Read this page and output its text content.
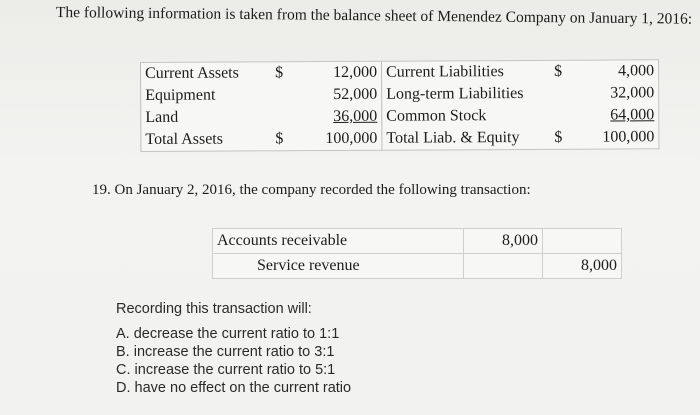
The following information is taken from the balance sheet of Menendez Company on January 1, 2016:
Current Assets	$	12,000	Current Liabilities	$	4,000
Equipment		52,000	Long-term Liabilities		32,000
Land		36,000	Common Stock		64,000
Total Assets	$	100,000	Total Liab. & Equity	$	100,000
19. On January 2, 2016, the company recorded the following transaction:
Accounts receivable	8,000	
Service revenue		8,000
Recording this transaction will:
A. decrease the current ratio to 1:1
B. increase the current ratio to 3:1
C. increase the current ratio to 5:1
D. have no effect on the current ratio
